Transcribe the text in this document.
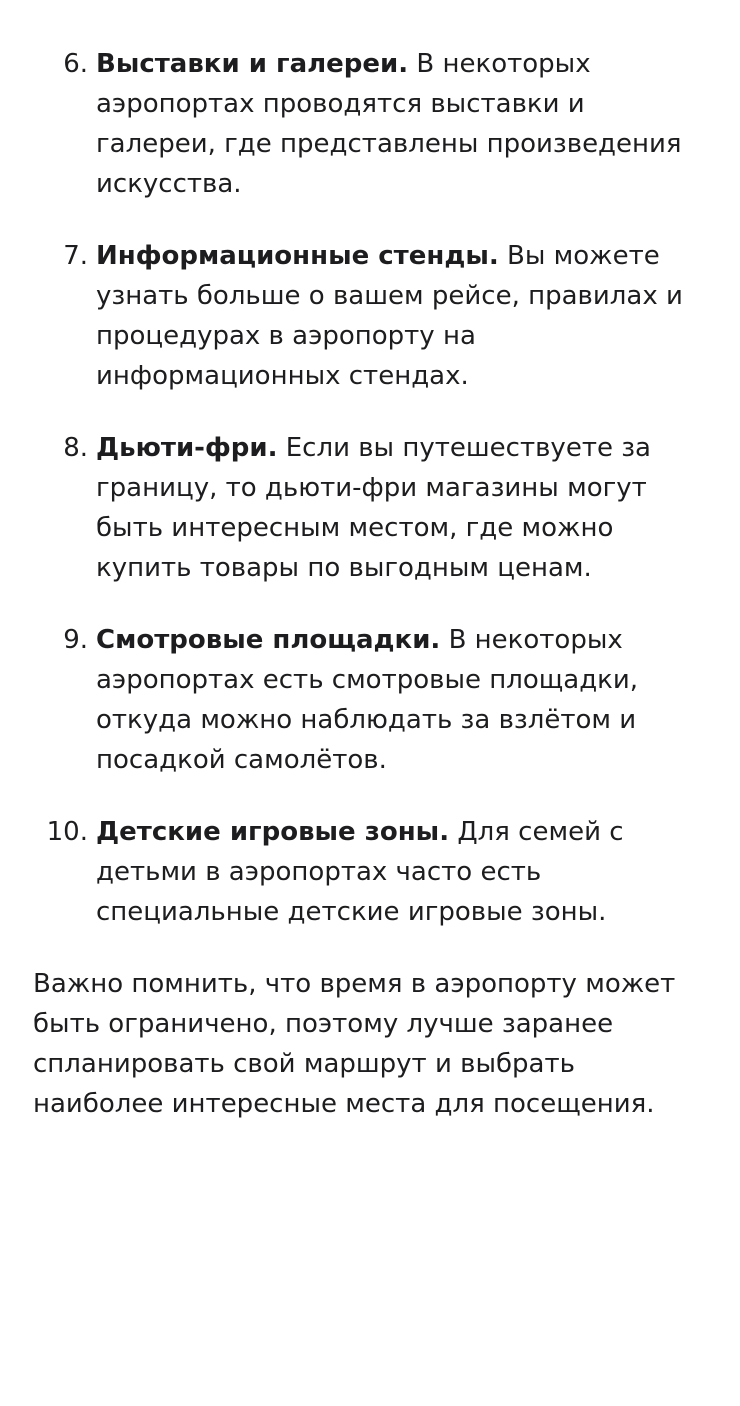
6. Выставки и галереи. В некоторых аэропортах проводятся выставки и галереи, где представлены произведения искусства.
7. Информационные стенды. Вы можете узнать больше о вашем рейсе, правилах и процедурах в аэропорту на информационных стендах.
8. Дьюти-фри. Если вы путешествуете за границу, то дьюти-фри магазины могут быть интересным местом, где можно купить товары по выгодным ценам.
9. Смотровые площадки. В некоторых аэропортах есть смотровые площадки, откуда можно наблюдать за взлётом и посадкой самолётов.
10. Детские игровые зоны. Для семей с детьми в аэропортах часто есть специальные детские игровые зоны.

Важно помнить, что время в аэропорту может быть ограничено, поэтому лучше заранее спланировать свой маршрут и выбрать наиболее интересные места для посещения.
